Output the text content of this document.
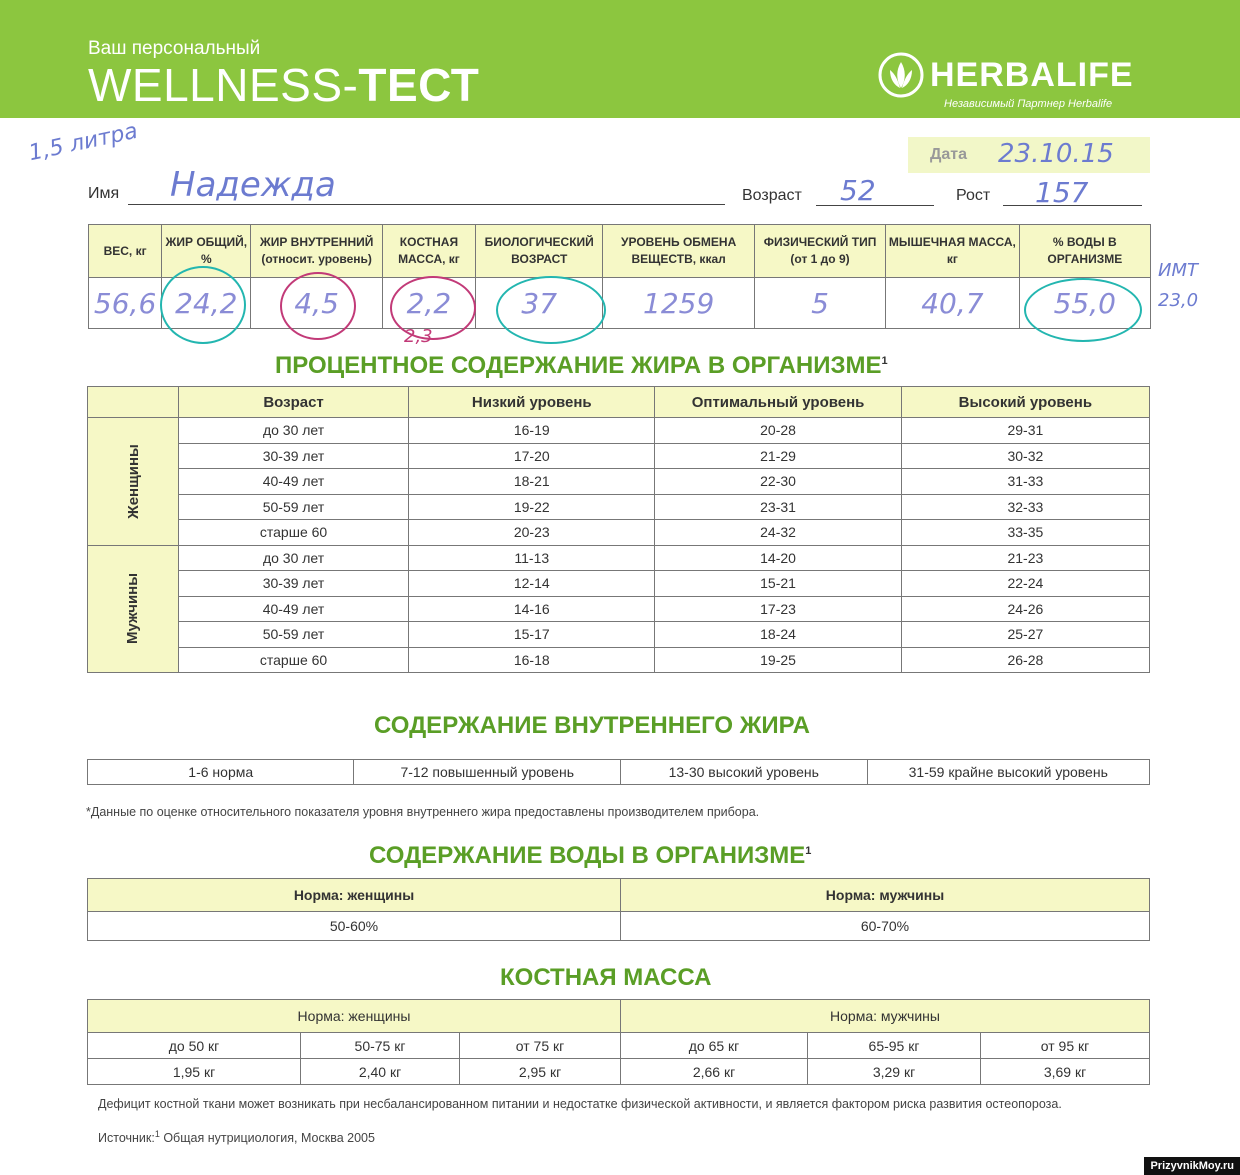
Ваш персональный
WELLNESS-ТЕСТ	HERBALIFE
Независимый Партнер Herbalife
1,5 литра	Дата 23.10.15
Имя Надежда	Возраст 52	Рост 157
ВЕС, кг	ЖИР ОБЩИЙ, %	ЖИР ВНУТРЕННИЙ (относит. уровень)	КОСТНАЯ МАССА, кг	БИОЛОГИЧЕСКИЙ ВОЗРАСТ	УРОВЕНЬ ОБМЕНА ВЕЩЕСТВ, ккал	ФИЗИЧЕСКИЙ ТИП (от 1 до 9)	МЫШЕЧНАЯ МАССА, кг	% ВОДЫ В ОРГАНИЗМЕ
56,6	24,2	4,5	2,2	37	1259	5	40,7	55,0
2,3
ИМТ 23,0
ПРОЦЕНТНОЕ СОДЕРЖАНИЕ ЖИРА В ОРГАНИЗМЕ$^1$
	Возраст	Низкий уровень	Оптимальный уровень	Высокий уровень
Женщины	до 30 лет	16-19	20-28	29-31
	30-39 лет	17-20	21-29	30-32
	40-49 лет	18-21	22-30	31-33
	50-59 лет	19-22	23-31	32-33
	старше 60	20-23	24-32	33-35
Мужчины	до 30 лет	11-13	14-20	21-23
	30-39 лет	12-14	15-21	22-24
	40-49 лет	14-16	17-23	24-26
	50-59 лет	15-17	18-24	25-27
	старше 60	16-18	19-25	26-28
СОДЕРЖАНИЕ ВНУТРЕННЕГО ЖИРА
1-6 норма	7-12 повышенный уровень	13-30 высокий уровень	31-59 крайне высокий уровень
*Данные по оценке относительного показателя уровня внутреннего жира предоставлены производителем прибора.
СОДЕРЖАНИЕ ВОДЫ В ОРГАНИЗМЕ$^1$
Норма: женщины	Норма: мужчины
50-60%	60-70%
КОСТНАЯ МАССА
Норма: женщины			Норма: мужчины		
до 50 кг	50-75 кг	от 75 кг	до 65 кг	65-95 кг	от 95 кг
1,95 кг	2,40 кг	2,95 кг	2,66 кг	3,29 кг	3,69 кг
Дефицит костной ткани может возникать при несбалансированном питании и недостатке физической активности, и является фактором риска развития остеопороза.
Источник:$^1$ Общая нутрициология, Москва 2005
PrizyvnikMoy.ru
